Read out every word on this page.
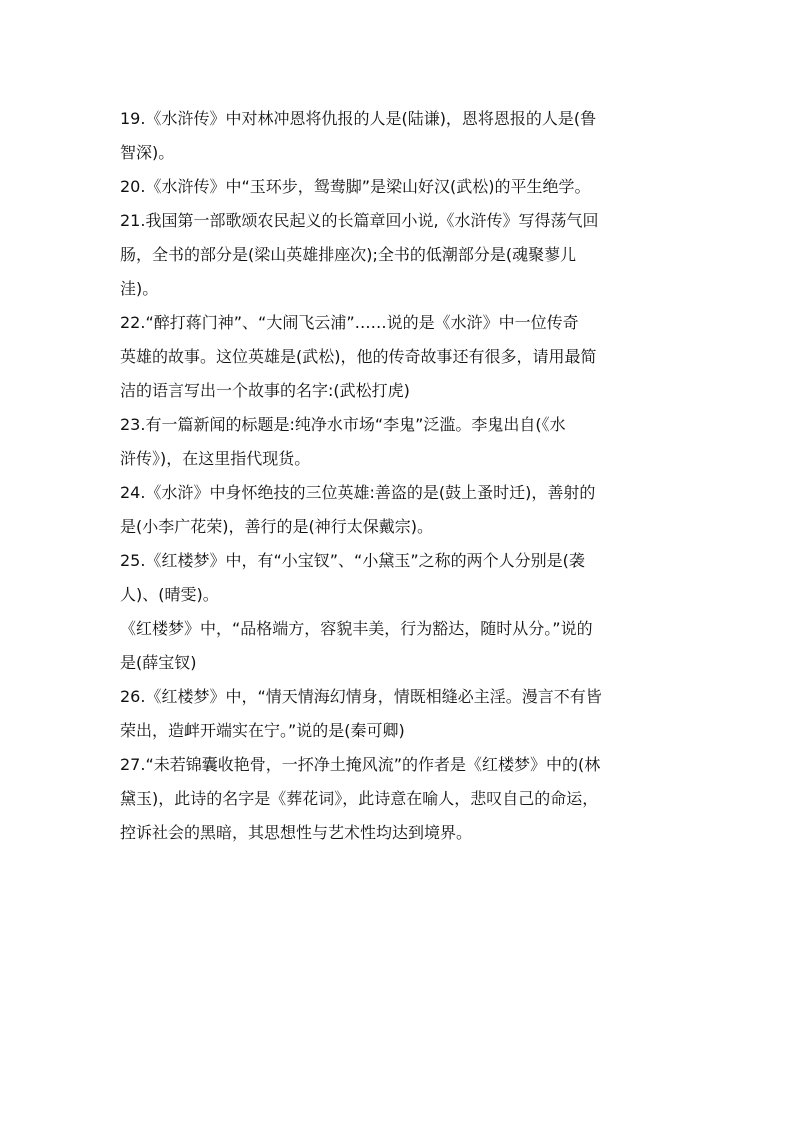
19.《水浒传》中对林冲恩将仇报的人是(陆谦)，恩将恩报的人是(鲁
智深)。
20.《水浒传》中“玉环步，鸳鸯脚”是梁山好汉(武松)的平生绝学。
21.我国第一部歌颂农民起义的长篇章回小说,《水浒传》写得荡气回
肠，全书的部分是(梁山英雄排座次);全书的低潮部分是(魂聚蓼儿
洼)。
22.“醉打蒋门神”、“大闹飞云浦”……说的是《水浒》中一位传奇
英雄的故事。这位英雄是(武松)，他的传奇故事还有很多，请用最简
洁的语言写出一个故事的名字:(武松打虎)
23.有一篇新闻的标题是:纯净水市场“李鬼”泛滥。李鬼出自(《水
浒传》)，在这里指代现货。
24.《水浒》中身怀绝技的三位英雄:善盗的是(鼓上蚤时迁)，善射的
是(小李广花荣)，善行的是(神行太保戴宗)。
25.《红楼梦》中，有“小宝钗”、“小黛玉”之称的两个人分别是(袭
人)、(晴雯)。
《红楼梦》中，“品格端方，容貌丰美，行为豁达，随时从分。”说的
是(薛宝钗)
26.《红楼梦》中，“情天情海幻情身，情既相缝必主淫。漫言不有皆
荣出，造衅开端实在宁。”说的是(秦可卿)
27.“未若锦囊收艳骨，一抔净土掩风流”的作者是《红楼梦》中的(林
黛玉)，此诗的名字是《葬花词》，此诗意在喻人，悲叹自己的命运，
控诉社会的黑暗，其思想性与艺术性均达到境界。
